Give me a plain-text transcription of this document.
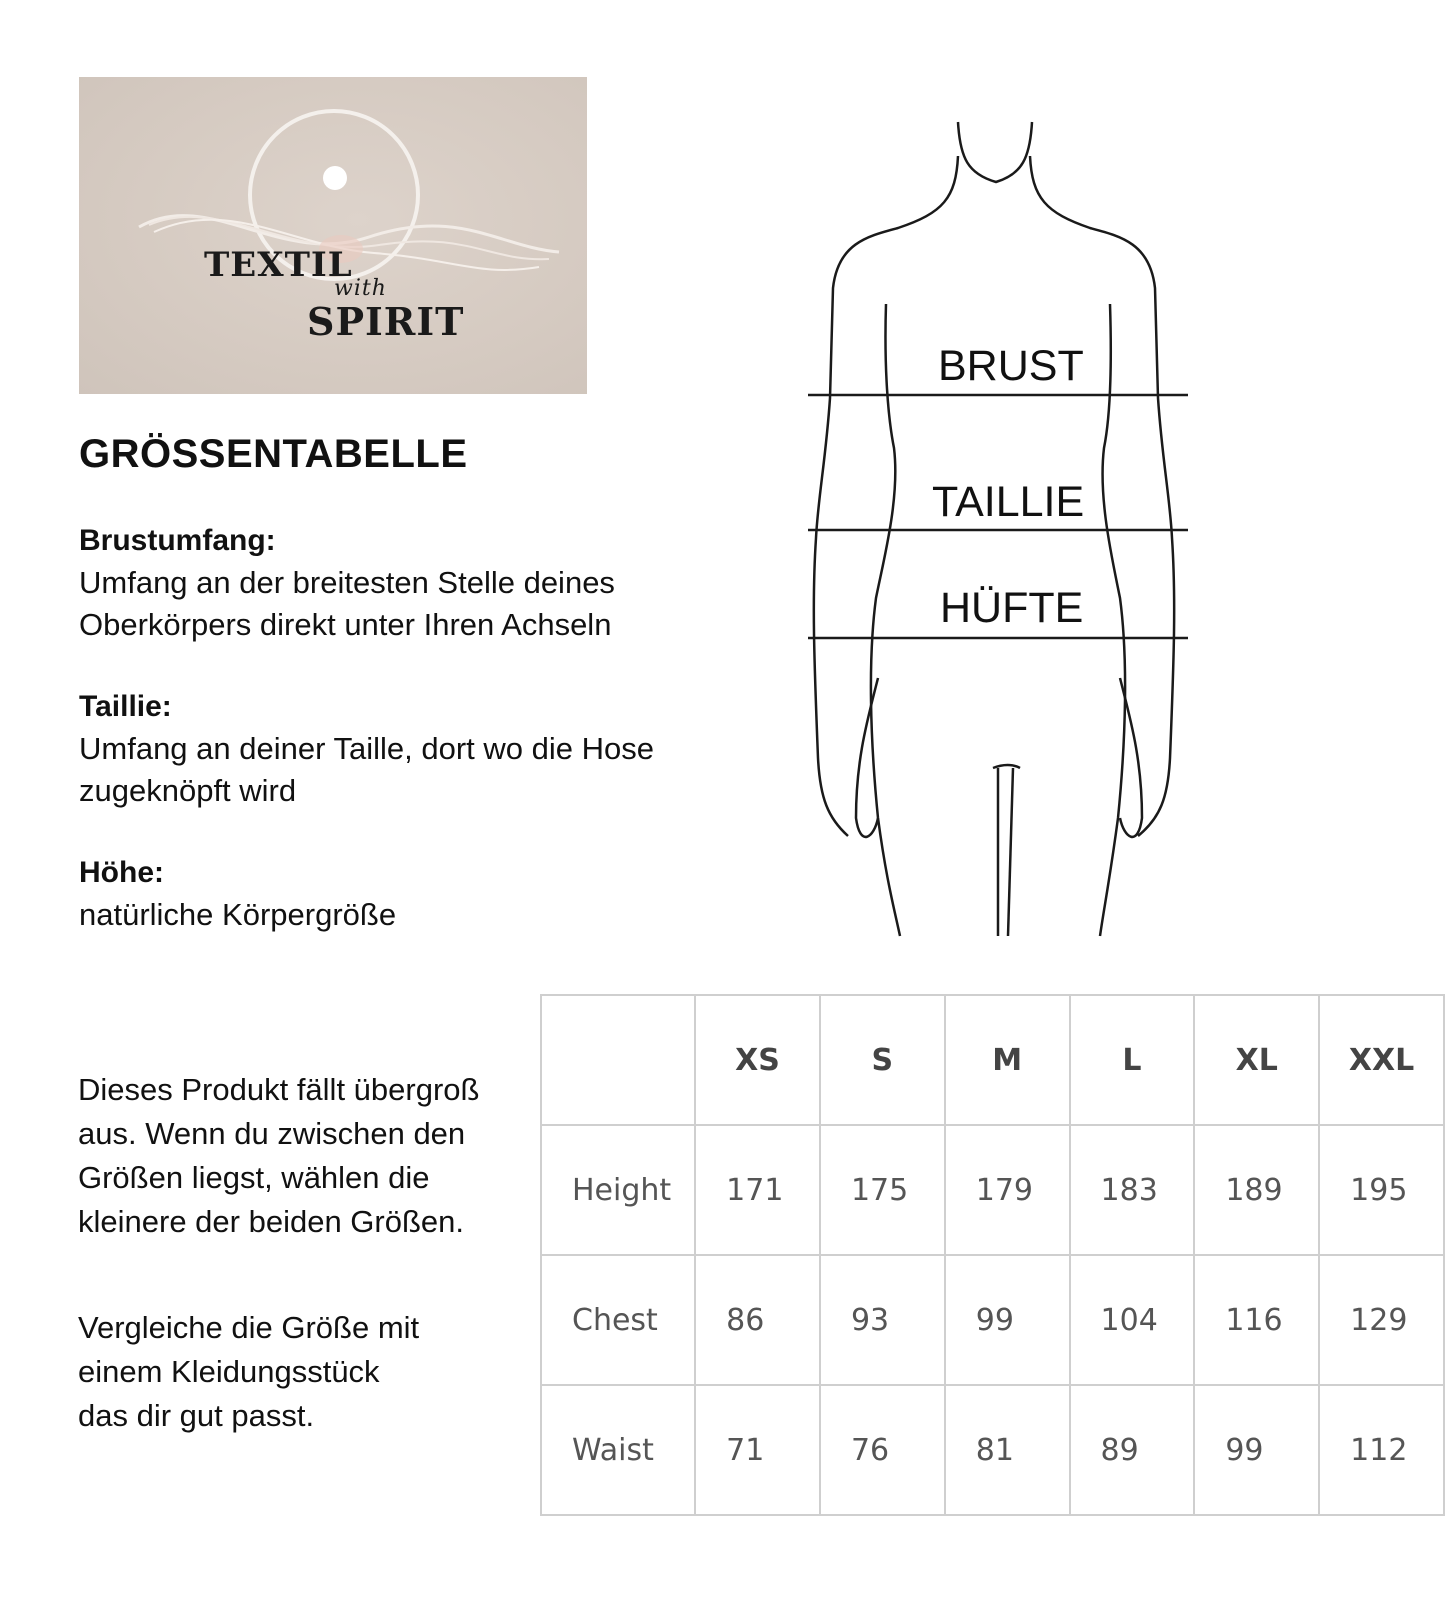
TEXTIL
with
SPIRIT
GRÖSSENTABELLE
Brustumfang:
Umfang an der breitesten Stelle deines
Oberkörpers direkt unter Ihren Achseln
Taillie:
Umfang an deiner Taille, dort wo die Hose
zugeknöpft wird
Höhe:
natürliche Körpergröße
BRUST
TAILLIE
HÜFTE
Dieses Produkt fällt übergroß
aus. Wenn du zwischen den
Größen liegst, wählen die
kleinere der beiden Größen.
Vergleiche die Größe mit
einem Kleidungsstück
das dir gut passt.
	XS	S	M	L	XL	XXL
Height	171	175	179	183	189	195
Chest	86	93	99	104	116	129
Waist	71	76	81	89	99	112
